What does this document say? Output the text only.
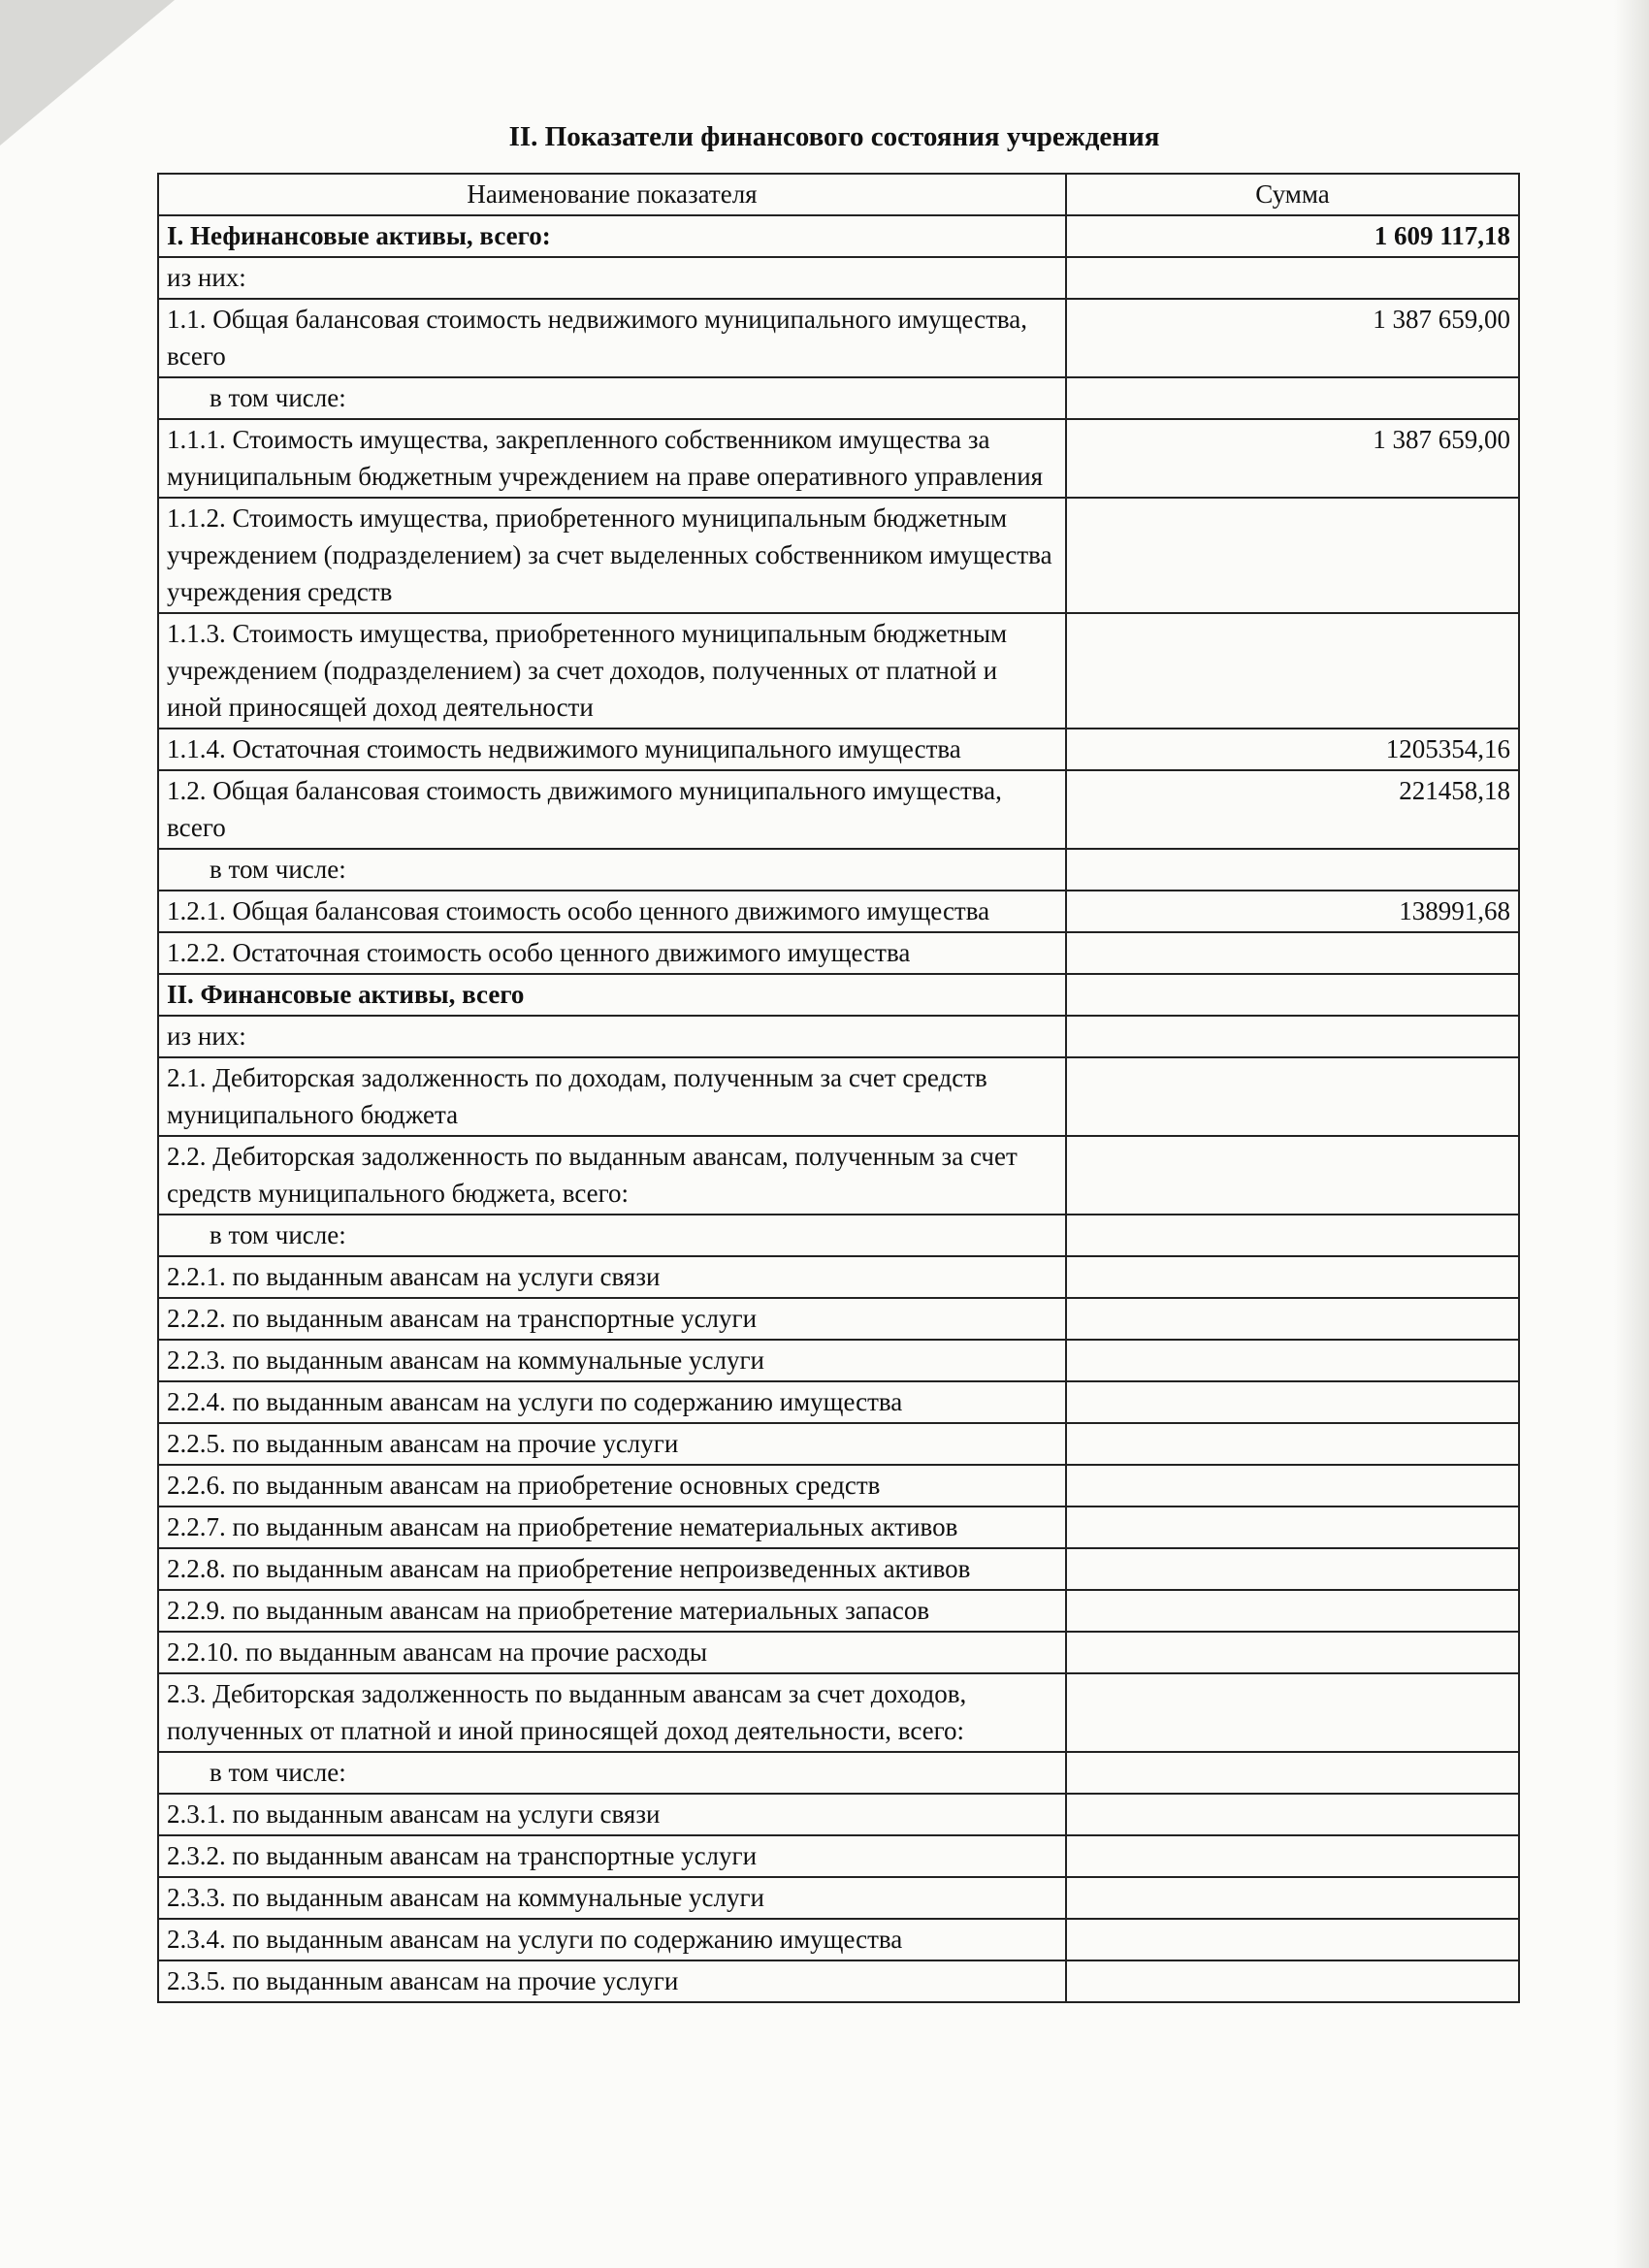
II. Показатели финансового состояния учреждения
Наименование показателя	Сумма
I. Нефинансовые активы, всего:	1 609 117,18
из них:	
1.1. Общая балансовая стоимость недвижимого муниципального имущества, всего	1 387 659,00
в том числе:	
1.1.1. Стоимость имущества, закрепленного собственником имущества за муниципальным бюджетным учреждением на праве оперативного управления	1 387 659,00
1.1.2. Стоимость имущества, приобретенного муниципальным бюджетным учреждением (подразделением) за счет выделенных собственником имущества учреждения средств	
1.1.3. Стоимость имущества, приобретенного муниципальным бюджетным учреждением (подразделением) за счет доходов, полученных от платной и иной приносящей доход деятельности	
1.1.4. Остаточная стоимость недвижимого муниципального имущества	1205354,16
1.2. Общая балансовая стоимость движимого муниципального имущества, всего	221458,18
в том числе:	
1.2.1. Общая балансовая стоимость особо ценного движимого имущества	138991,68
1.2.2. Остаточная стоимость особо ценного движимого имущества	
II. Финансовые активы, всего	
из них:	
2.1. Дебиторская задолженность по доходам, полученным за счет средств муниципального бюджета	
2.2. Дебиторская задолженность по выданным авансам, полученным за счет средств муниципального бюджета, всего:	
в том числе:	
2.2.1. по выданным авансам на услуги связи	
2.2.2. по выданным авансам на транспортные услуги	
2.2.3. по выданным авансам на коммунальные услуги	
2.2.4. по выданным авансам на услуги по содержанию имущества	
2.2.5. по выданным авансам на прочие услуги	
2.2.6. по выданным авансам на приобретение основных средств	
2.2.7. по выданным авансам на приобретение нематериальных активов	
2.2.8. по выданным авансам на приобретение непроизведенных активов	
2.2.9. по выданным авансам на приобретение материальных запасов	
2.2.10. по выданным авансам на прочие расходы	
2.3. Дебиторская задолженность по выданным авансам за счет доходов, полученных от платной и иной приносящей доход деятельности, всего:	
в том числе:	
2.3.1. по выданным авансам на услуги связи	
2.3.2. по выданным авансам на транспортные услуги	
2.3.3. по выданным авансам на коммунальные услуги	
2.3.4. по выданным авансам на услуги по содержанию имущества	
2.3.5. по выданным авансам на прочие услуги	
